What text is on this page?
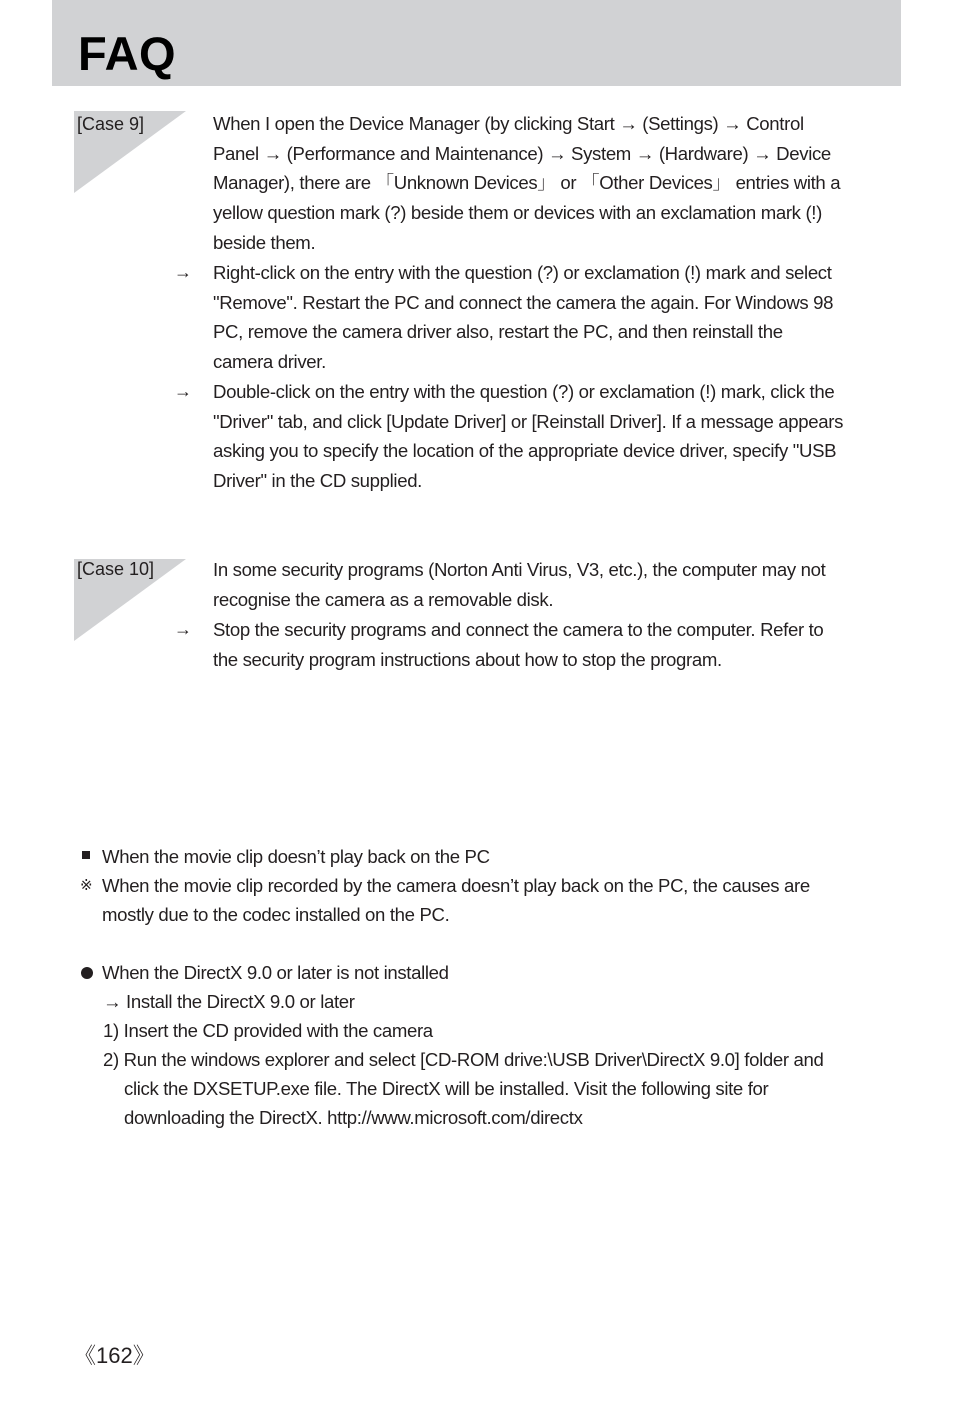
FAQ
[Case 9]	When I open the Device Manager (by clicking Start → (Settings) → Control
Panel → (Performance and Maintenance) → System → (Hardware) → Device
Manager), there are 「Unknown Devices」 or 「Other Devices」 entries with a
yellow question mark (?) beside them or devices with an exclamation mark (!)
beside them.
→ Right-click on the entry with the question (?) or exclamation (!) mark and select
"Remove". Restart the PC and connect the camera the again. For Windows 98
PC, remove the camera driver also, restart the PC, and then reinstall the
camera driver.
→ Double-click on the entry with the question (?) or exclamation (!) mark, click the
"Driver" tab, and click [Update Driver] or [Reinstall Driver]. If a message appears
asking you to specify the location of the appropriate device driver, specify "USB
Driver" in the CD supplied.
[Case 10]	In some security programs (Norton Anti Virus, V3, etc.), the computer may not
recognise the camera as a removable disk.
→ Stop the security programs and connect the camera to the computer. Refer to
the security program instructions about how to stop the program.
When the movie clip doesn’t play back on the PC
※ When the movie clip recorded by the camera doesn’t play back on the PC, the causes are
mostly due to the codec installed on the PC.
When the DirectX 9.0 or later is not installed
→ Install the DirectX 9.0 or later
1) Insert the CD provided with the camera
2) Run the windows explorer and select [CD-ROM drive:\USB Driver\DirectX 9.0] folder and
click the DXSETUP.exe file. The DirectX will be installed. Visit the following site for
downloading the DirectX. http://www.microsoft.com/directx
《162》
